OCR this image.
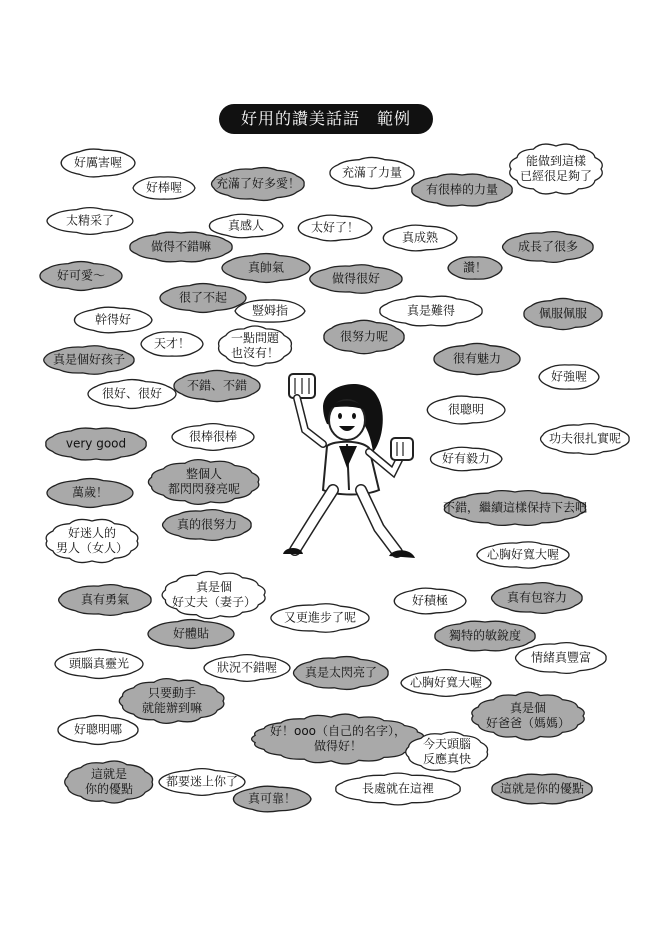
好用的讚美話語　範例
好厲害喔
好棒喔	充滿了好多愛！
充滿了力量
有很棒的力量
能做到這樣
已經很足夠了
太精采了	真感人	太好了！
做得不錯嘛
真成熟
成長了很多
真帥氣
好可愛～	做得很好
讚！
很了不起
豎姆指
幹得好
真是難得	佩服佩服
天才！	一點問題
也沒有！
很努力呢
真是個好孩子	很有魅力
好強喔
很好、很好
不錯、不錯
很聰明
very good	很棒很棒	功夫很扎實呢
好有毅力
整個人
都閃閃發亮呢
萬歲！
不錯，繼續這樣保持下去吧
好迷人的
男人（女人）
真的很努力
心胸好寬大喔
真是個
好丈夫（妻子）
真有勇氣	好積極	真有包容力
又更進步了呢
好體貼	獨特的敏銳度
情緒真豐富
頭腦真靈光	狀況不錯喔 真是太閃亮了
心胸好寬大喔
只要動手
就能辦到嘛	真是個
好爸爸（媽媽）
好聰明哪	好！ooo（自己的名字），
做得好！	今天頭腦
反應真快
這就是
你的優點
都要迷上你了
真可靠！
長處就在這裡	這就是你的優點
